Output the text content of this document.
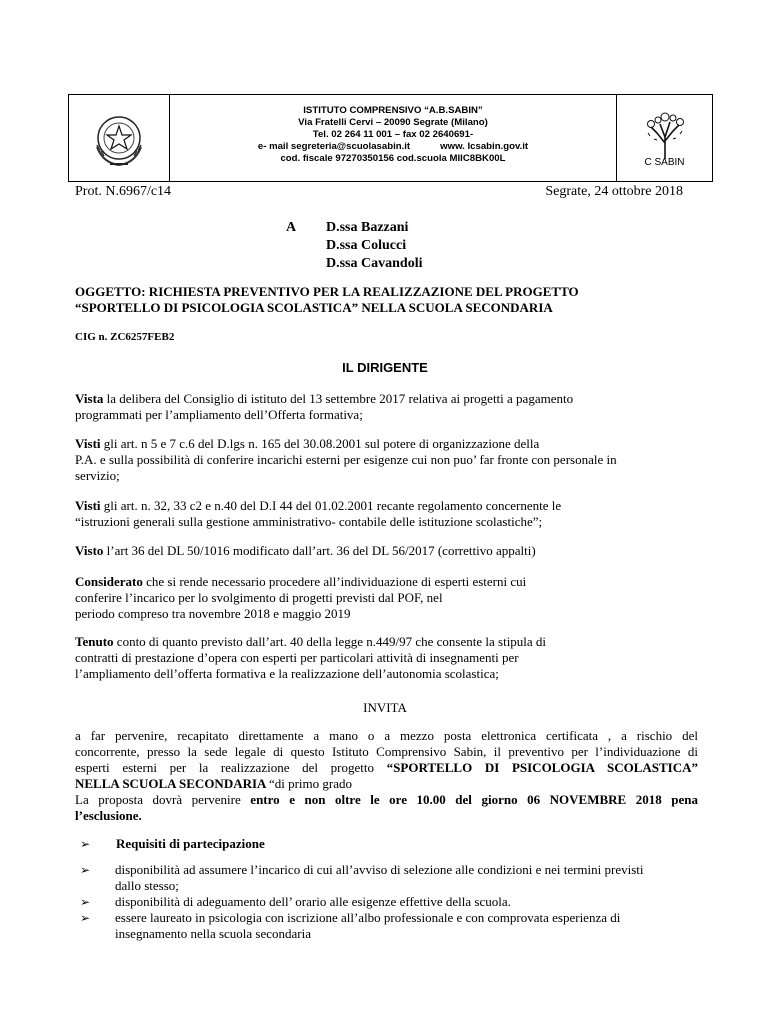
ISTITUTO COMPRENSIVO “A.B.SABIN”
Via Fratelli Cervi – 20090 Segrate (Milano)
Tel. 02 264 11 001 – fax 02 2640691-
e- mail segreteria@scuolasabin.it	www. Icsabin.gov.it
cod. fiscale 97270350156 cod.scuola MIIC8BK00L	C SABIN
Prot. N.6967/c14	Segrate, 24 ottobre 2018
A D.ssa Bazzani
D.ssa Colucci
D.ssa Cavandoli
OGGETTO: RICHIESTA PREVENTIVO PER LA REALIZZAZIONE DEL PROGETTO
“SPORTELLO DI PSICOLOGIA SCOLASTICA” NELLA SCUOLA SECONDARIA
CIG n. ZC6257FEB2
IL DIRIGENTE
Vista la delibera del Consiglio di istituto del 13 settembre 2017 relativa ai progetti a pagamento
programmati per l’ampliamento dell’Offerta formativa;
Visti gli art. n 5 e 7 c.6 del D.lgs n. 165 del 30.08.2001 sul potere di organizzazione della
P.A. e sulla possibilità di conferire incarichi esterni per esigenze cui non puo’ far fronte con personale in
servizio;
Visti gli art. n. 32, 33 c2 e n.40 del D.I 44 del 01.02.2001 recante regolamento concernente le
“istruzioni generali sulla gestione amministrativo- contabile delle istituzione scolastiche”;
Visto l’art 36 del DL 50/1016 modificato dall’art. 36 del DL 56/2017 (correttivo appalti)
Considerato che si rende necessario procedere all’individuazione di esperti esterni cui
conferire l’incarico per lo svolgimento di progetti previsti dal POF, nel
periodo compreso tra novembre 2018 e maggio 2019
Tenuto conto di quanto previsto dall’art. 40 della legge n.449/97 che consente la stipula di
contratti di prestazione d’opera con esperti per particolari attività di insegnamenti per
l’ampliamento dell’offerta formativa e la realizzazione dell’autonomia scolastica;
INVITA
a far pervenire, recapitato direttamente a mano o a mezzo posta elettronica certificata , a rischio del
concorrente, presso la sede legale di questo Istituto Comprensivo Sabin, il preventivo per l’individuazione di
esperti esterni per la realizzazione del progetto “SPORTELLO DI PSICOLOGIA SCOLASTICA”
NELLA SCUOLA SECONDARIA “di primo grado
La proposta dovrà pervenire entro e non oltre le ore 10.00 del giorno 06 NOVEMBRE 2018 pena
l’esclusione.
➢	Requisiti di partecipazione
➢	disponibilità ad assumere l’incarico di cui all’avviso di selezione alle condizioni e nei termini previsti
dallo stesso;
➢	disponibilità di adeguamento dell’ orario alle esigenze effettive della scuola.
➢	essere laureato in psicologia con iscrizione all’albo professionale e con comprovata esperienza di
insegnamento nella scuola secondaria
